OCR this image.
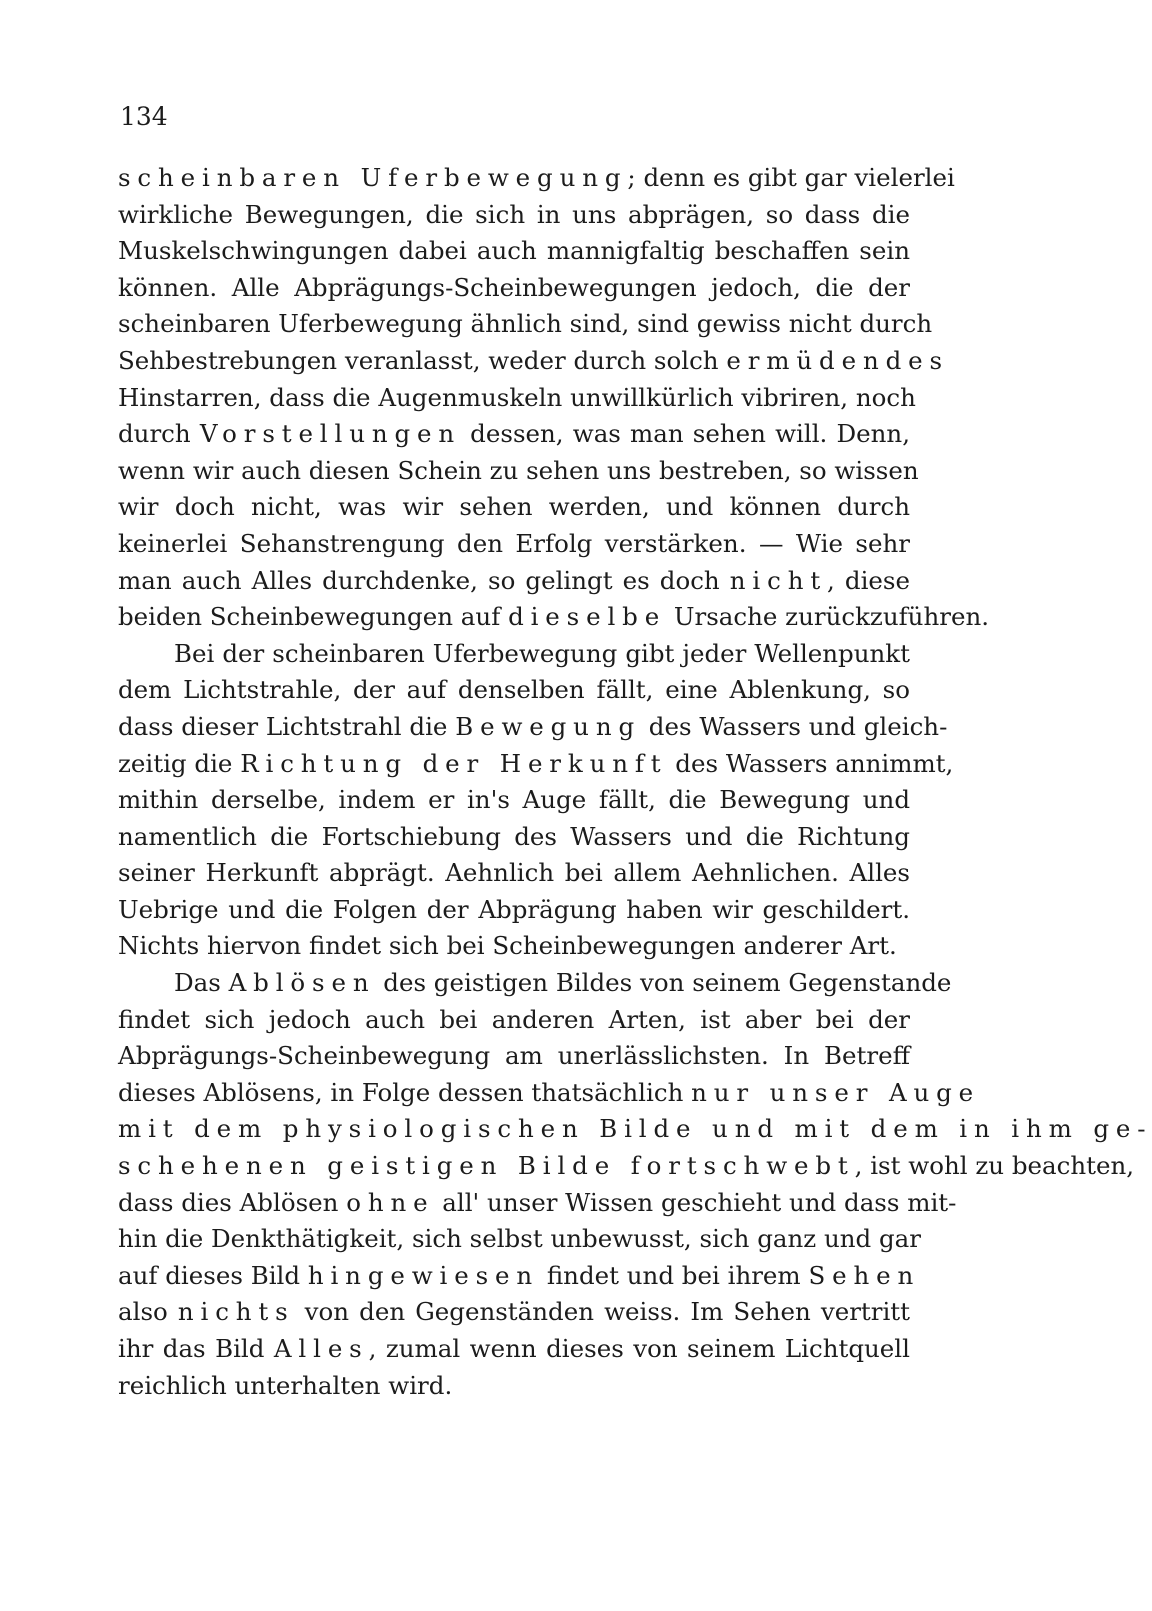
134
scheinbaren Uferbewegung; denn es gibt gar vielerlei
wirkliche Bewegungen, die sich in uns abprägen, so dass die
Muskelschwingungen dabei auch mannigfaltig beschaffen sein
können. Alle Abprägungs-Scheinbewegungen jedoch, die der
scheinbaren Uferbewegung ähnlich sind, sind gewiss nicht durch
Sehbestrebungen veranlasst, weder durch solch ermüdendes
Hinstarren, dass die Augenmuskeln unwillkürlich vibriren, noch
durch Vorstellungen dessen, was man sehen will. Denn,
wenn wir auch diesen Schein zu sehen uns bestreben, so wissen
wir doch nicht, was wir sehen werden, und können durch
keinerlei Sehanstrengung den Erfolg verstärken. — Wie sehr
man auch Alles durchdenke, so gelingt es doch nicht, diese
beiden Scheinbewegungen auf dieselbe Ursache zurückzuführen.
Bei der scheinbaren Uferbewegung gibt jeder Wellenpunkt
dem Lichtstrahle, der auf denselben fällt, eine Ablenkung, so
dass dieser Lichtstrahl die Bewegung des Wassers und gleich-
zeitig die Richtung der Herkunft des Wassers annimmt,
mithin derselbe, indem er in's Auge fällt, die Bewegung und
namentlich die Fortschiebung des Wassers und die Richtung
seiner Herkunft abprägt. Aehnlich bei allem Aehnlichen. Alles
Uebrige und die Folgen der Abprägung haben wir geschildert.
Nichts hiervon findet sich bei Scheinbewegungen anderer Art.
Das Ablösen des geistigen Bildes von seinem Gegenstande
findet sich jedoch auch bei anderen Arten, ist aber bei der
Abprägungs-Scheinbewegung am unerlässlichsten. In Betreff
dieses Ablösens, in Folge dessen thatsächlich nur unser Auge
mit dem physiologischen Bilde und mit dem in ihm ge-
schehenen geistigen Bilde fortschwebt, ist wohl zu beachten,
dass dies Ablösen ohne all' unser Wissen geschieht und dass mit-
hin die Denkthätigkeit, sich selbst unbewusst, sich ganz und gar
auf dieses Bild hingewiesen findet und bei ihrem Sehen
also nichts von den Gegenständen weiss. Im Sehen vertritt
ihr das Bild Alles, zumal wenn dieses von seinem Lichtquell
reichlich unterhalten wird.
